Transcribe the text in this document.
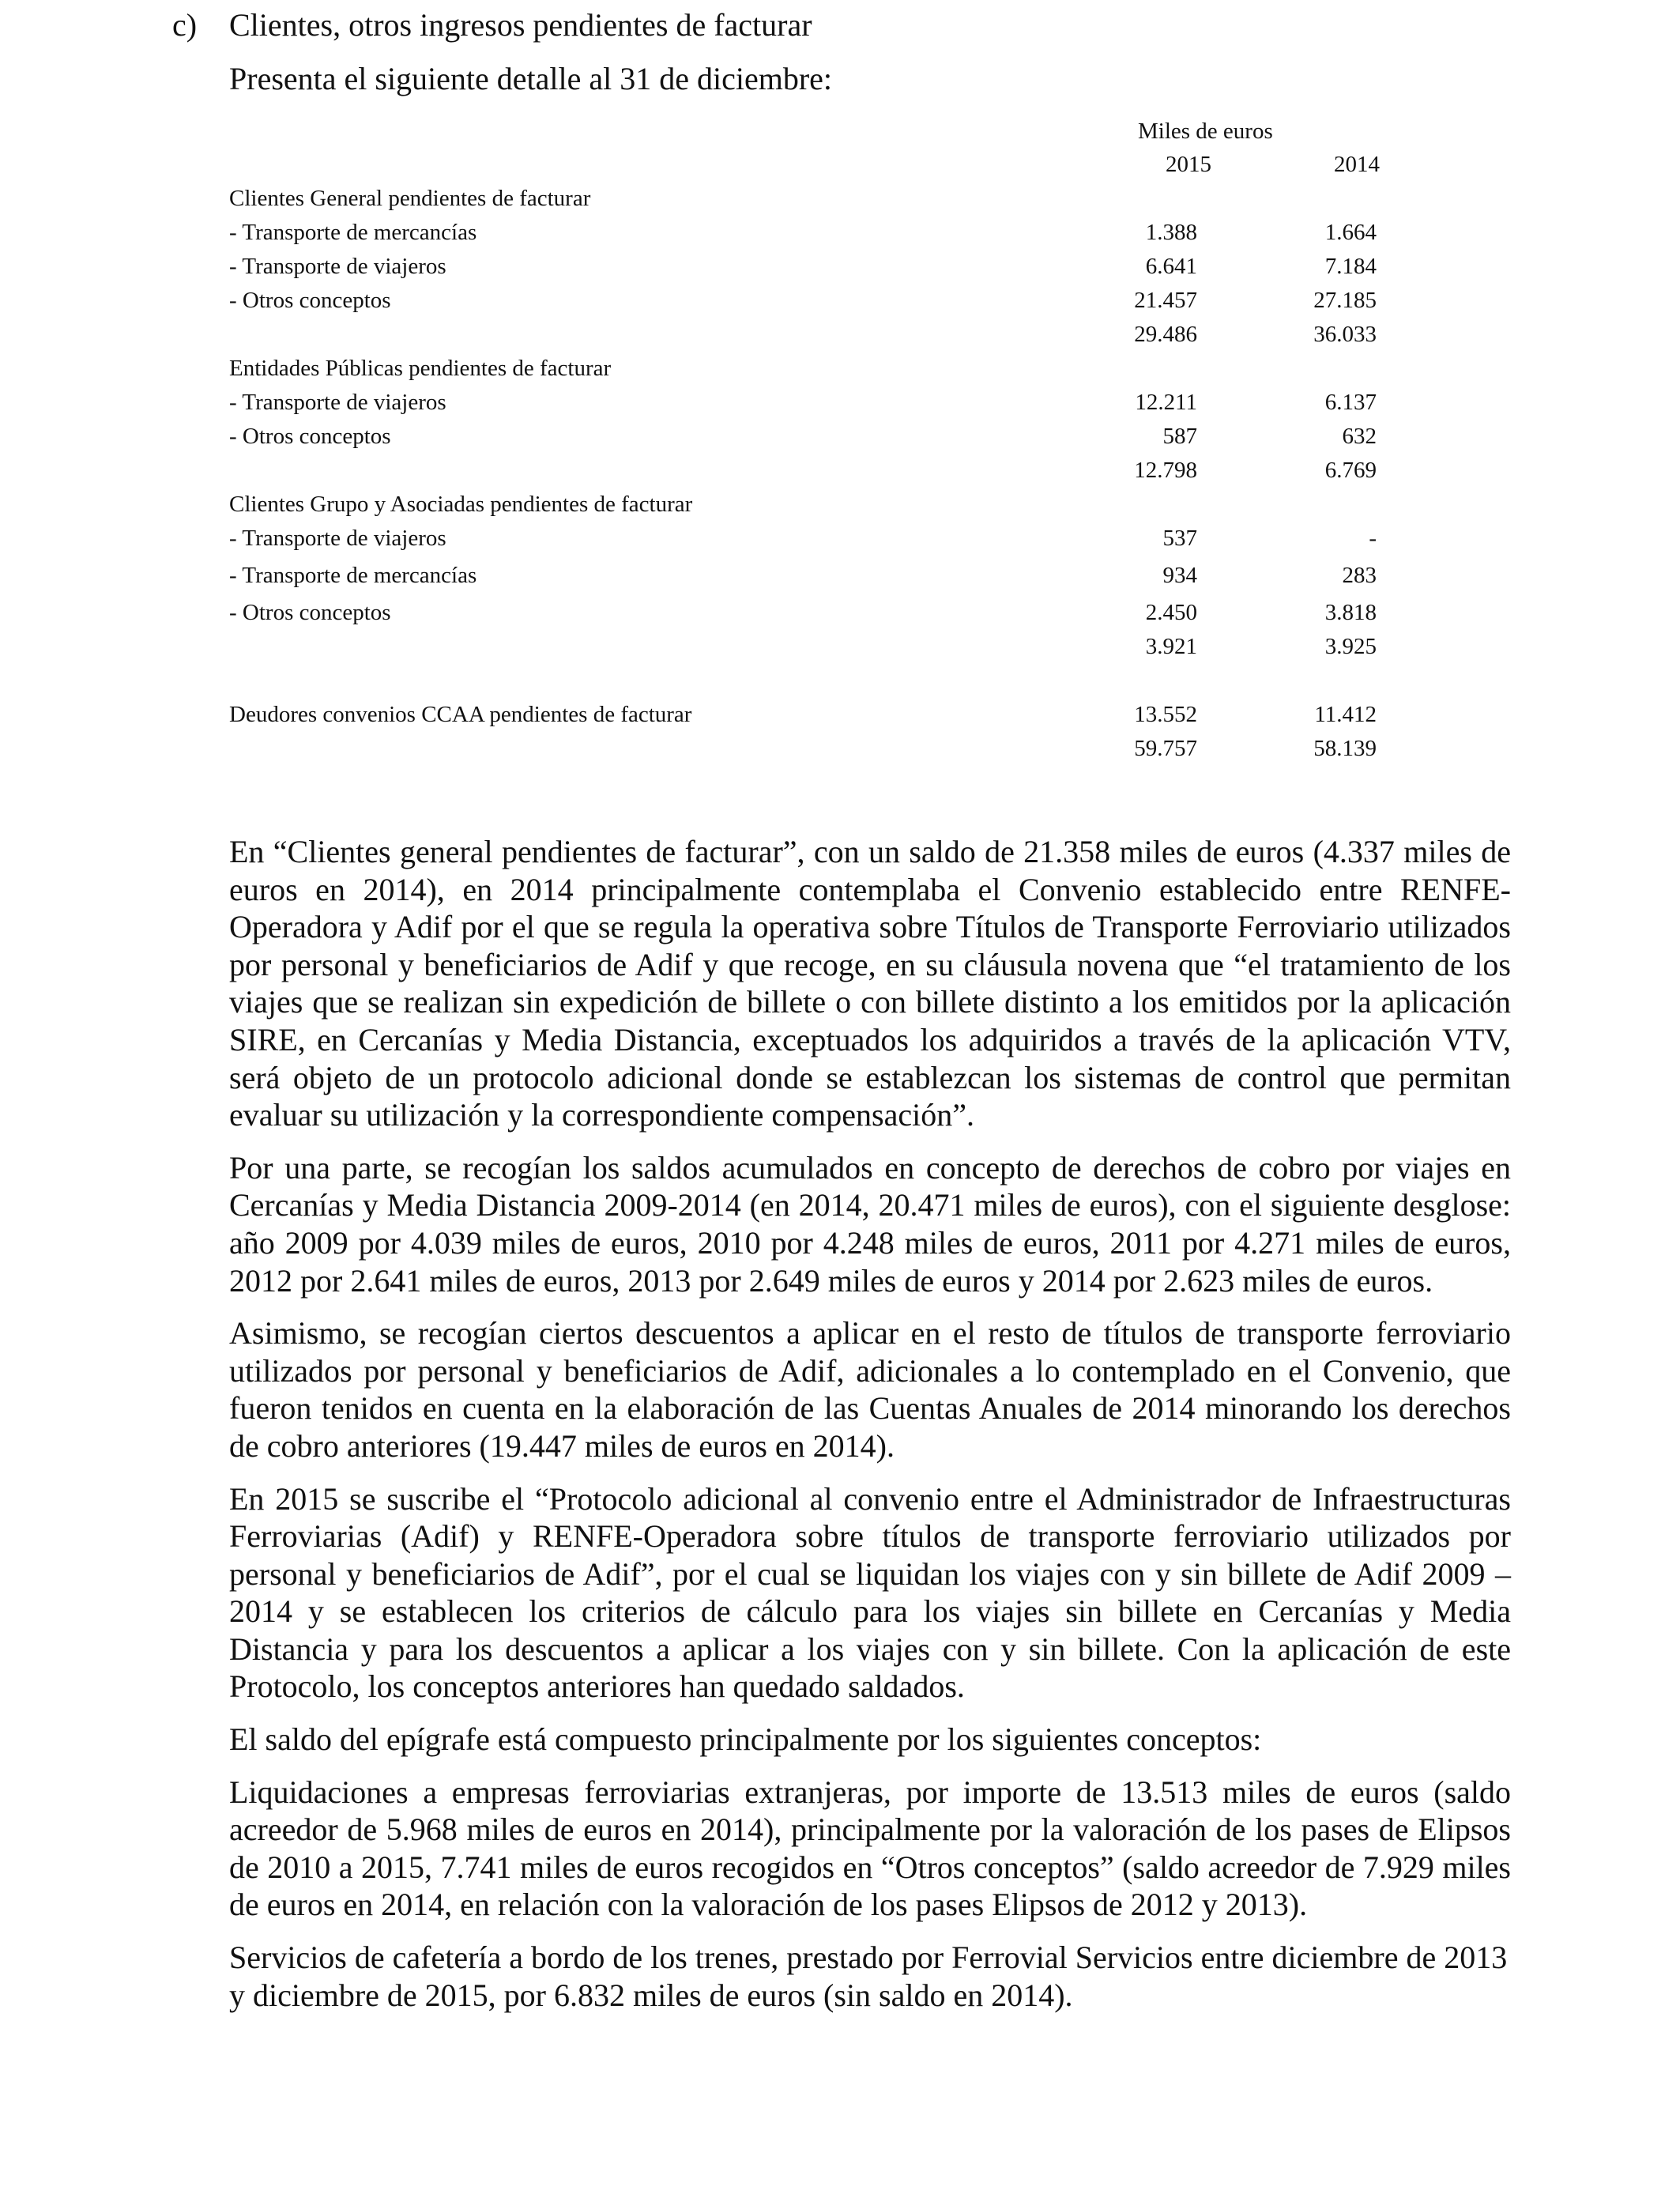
c) Clientes, otros ingresos pendientes de facturar
Presenta el siguiente detalle al 31 de diciembre:
Miles de euros
2015	2014
Clientes General pendientes de facturar
- Transporte de mercancías	1.388	1.664
- Transporte de viajeros	6.641	7.184
- Otros conceptos	21.457	27.185
29.486	36.033
Entidades Públicas pendientes de facturar
- Transporte de viajeros	12.211	6.137
- Otros conceptos	587	632
12.798	6.769
Clientes Grupo y Asociadas pendientes de facturar
- Transporte de viajeros	537	-
- Transporte de mercancías	934	283
- Otros conceptos	2.450	3.818
3.921	3.925
Deudores convenios CCAA pendientes de facturar	13.552	11.412
59.757	58.139

En “Clientes general pendientes de facturar”, con un saldo de 21.358 miles de euros (4.337 miles de euros en 2014), en 2014 principalmente contemplaba el Convenio establecido entre RENFE-Operadora y Adif por el que se regula la operativa sobre Títulos de Transporte Ferroviario utilizados por personal y beneficiarios de Adif y que recoge, en su cláusula novena que “el tratamiento de los viajes que se realizan sin expedición de billete o con billete distinto a los emitidos por la aplicación SIRE, en Cercanías y Media Distancia, exceptuados los adquiridos a través de la aplicación VTV, será objeto de un protocolo adicional donde se establezcan los sistemas de control que permitan evaluar su utilización y la correspondiente compensación”.

Por una parte, se recogían los saldos acumulados en concepto de derechos de cobro por viajes en Cercanías y Media Distancia 2009-2014 (en 2014, 20.471 miles de euros), con el siguiente desglose: año 2009 por 4.039 miles de euros, 2010 por 4.248 miles de euros, 2011 por 4.271 miles de euros, 2012 por 2.641 miles de euros, 2013 por 2.649 miles de euros y 2014 por 2.623 miles de euros.

Asimismo, se recogían ciertos descuentos a aplicar en el resto de títulos de transporte ferroviario utilizados por personal y beneficiarios de Adif, adicionales a lo contemplado en el Convenio, que fueron tenidos en cuenta en la elaboración de las Cuentas Anuales de 2014 minorando los derechos de cobro anteriores (19.447 miles de euros en 2014).

En 2015 se suscribe el “Protocolo adicional al convenio entre el Administrador de Infraestructuras Ferroviarias (Adif) y RENFE-Operadora sobre títulos de transporte ferroviario utilizados por personal y beneficiarios de Adif”, por el cual se liquidan los viajes con y sin billete de Adif 2009 – 2014 y se establecen los criterios de cálculo para los viajes sin billete en Cercanías y Media Distancia y para los descuentos a aplicar a los viajes con y sin billete. Con la aplicación de este Protocolo, los conceptos anteriores han quedado saldados.

El saldo del epígrafe está compuesto principalmente por los siguientes conceptos:

Liquidaciones a empresas ferroviarias extranjeras, por importe de 13.513 miles de euros (saldo acreedor de 5.968 miles de euros en 2014), principalmente por la valoración de los pases de Elipsos de 2010 a 2015, 7.741 miles de euros recogidos en “Otros conceptos” (saldo acreedor de 7.929 miles de euros en 2014, en relación con la valoración de los pases Elipsos de 2012 y 2013).

Servicios de cafetería a bordo de los trenes, prestado por Ferrovial Servicios entre diciembre de 2013 y diciembre de 2015, por 6.832 miles de euros (sin saldo en 2014).
